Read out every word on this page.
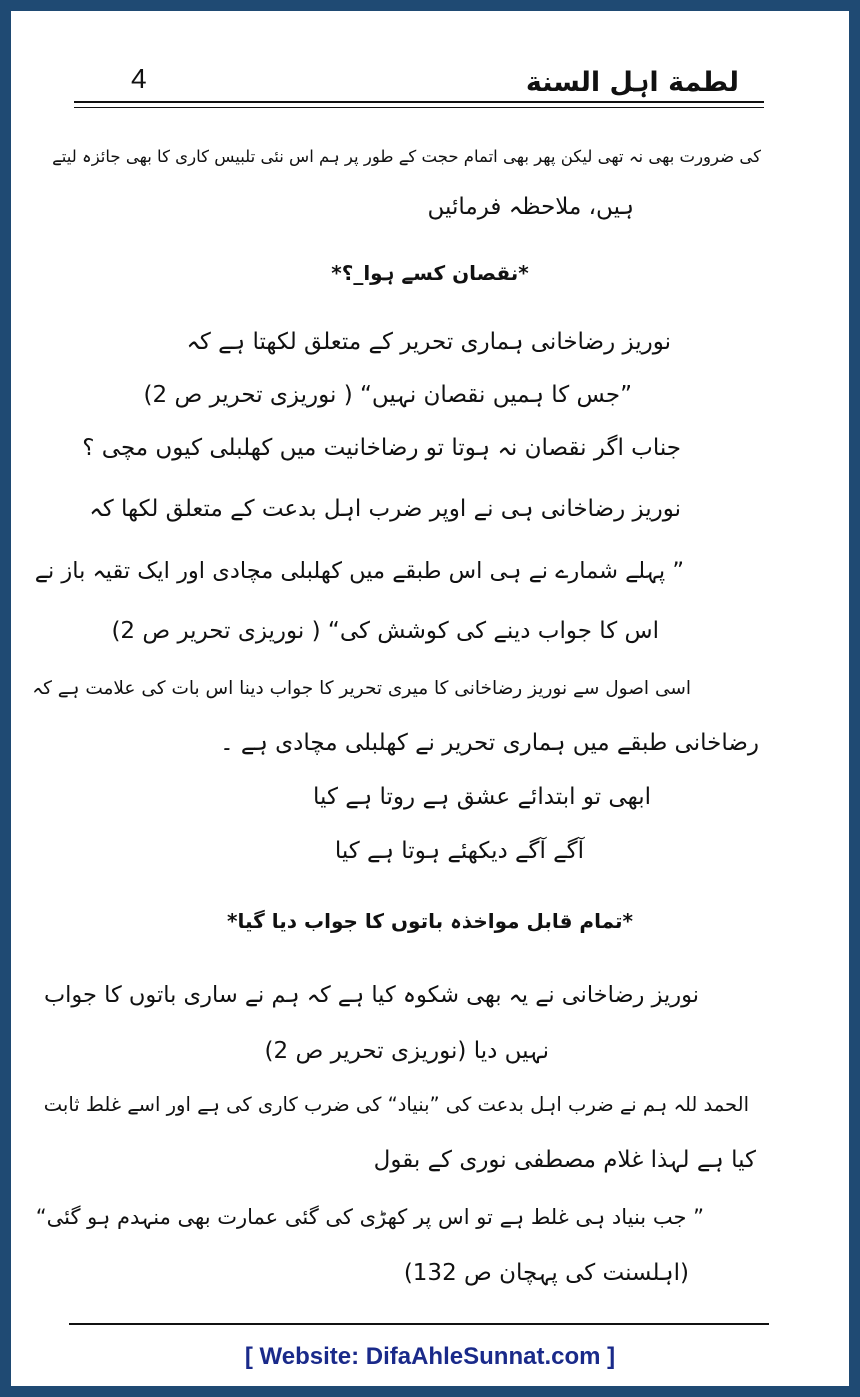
لطمة اہل السنة
4
کی ضرورت بھی نہ تھی لیکن پھر بھی اتمام حجت کے طور پر ہم اس نئی تلبیس کاری کا بھی جائزہ لیتے
ہیں، ملاحظہ فرمائیں
*نقصان کسے ہوا_؟*
نوریز رضاخانی ہماری تحریر کے متعلق لکھتا ہے کہ
”جس کا ہمیں نقصان نہیں“ ( نوریزی تحریر ص 2)
جناب اگر نقصان نہ ہوتا تو رضاخانیت میں کھلبلی کیوں مچی ؟
نوریز رضاخانی ہی نے اوپر ضرب اہل بدعت کے متعلق لکھا کہ
” پہلے شمارے نے ہی اس طبقے میں کھلبلی مچادی اور ایک تقیہ باز نے
اس کا جواب دینے کی کوشش کی“ ( نوریزی تحریر ص 2)
اسی اصول سے نوریز رضاخانی کا میری تحریر کا جواب دینا اس بات کی علامت ہے کہ
رضاخانی طبقے میں ہماری تحریر نے کھلبلی مچادی ہے ۔
ابھی تو ابتدائے عشق ہے روتا ہے کیا
آگے آگے دیکھئے ہوتا ہے کیا
*تمام قابل مواخذہ باتوں کا جواب دیا گیا*
نوریز رضاخانی نے یہ بھی شکوہ کیا ہے کہ ہم نے ساری باتوں کا جواب
نہیں دیا (نوریزی تحریر ص 2)
الحمد للہ ہم نے ضرب اہل بدعت کی ”بنیاد“ کی ضرب کاری کی ہے اور اسے غلط ثابت
کیا ہے لہذا غلام مصطفی نوری کے بقول
” جب بنیاد ہی غلط ہے تو اس پر کھڑی کی گئی عمارت بھی منہدم ہو گئی“
(اہلسنت کی پہچان ص 132)
[ Website: DifaAhleSunnat.com ]
